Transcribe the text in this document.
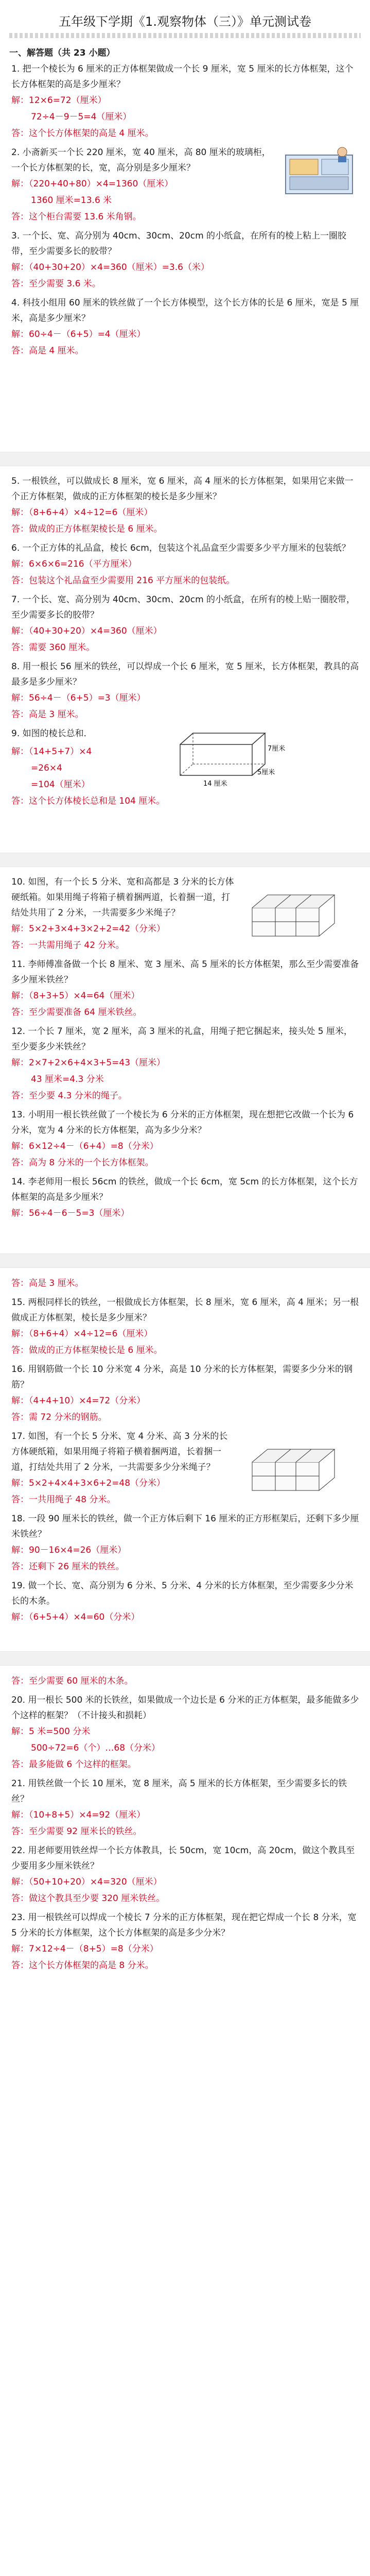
五年级下学期《1.观察物体（三）》单元测试卷
一、解答题（共 23 小题）
1. 把一个棱长为 6 厘米的正方体框架做成一个长 9 厘米，宽 5 厘米的长方体框架，这个长方体框架的高是多少厘米？
解：12×6=72（厘米）
72÷4－9－5=4（厘米）
答：这个长方体框架的高是 4 厘米。
2. 小斋新买一个长 220 厘米，宽 40 厘米，高 80 厘米的玻璃柜，一个长方体框架的长，宽，高分别是多少厘米？
解：（220+40+80）×4=1360（厘米）
1360 厘米=13.6 米
答：这个柜台需要 13.6 米角钢。
3. 一个长、宽、高分别为 40cm、30cm、20cm 的小纸盒，在所有的棱上粘上一圈胶带，至少需要多长的胶带？
解：（40+30+20）×4=360（厘米）=3.6（米）
答：至少需要 3.6 米。
4. 科技小组用 60 厘米的铁丝做了一个长方体模型，这个长方体的长是 6 厘米，宽是 5 厘米，高是多少厘米？
解：60÷4－（6+5）=4（厘米）
答：高是 4 厘米。
5. 一根铁丝，可以做成长 8 厘米，宽 6 厘米，高 4 厘米的长方体框架，如果用它来做一个正方体框架，做成的正方体框架的棱长是多少厘米？
解：（8+6+4）×4÷12=6（厘米）
答：做成的正方体框架棱长是 6 厘米。
6. 一个正方体的礼品盒，棱长 6cm，包装这个礼品盒至少需要多少平方厘米的包装纸？
解：6×6×6=216（平方厘米）
答：包装这个礼品盒至少需要用 216 平方厘米的包装纸。
7. 一个长、宽、高分别为 40cm、30cm、20cm 的小纸盒，在所有的棱上贴一圈胶带，至少需要多长的胶带？
解：（40+30+20）×4=360（厘米）
答：需要 360 厘米。
8. 用一根长 56 厘米的铁丝，可以焊成一个长 6 厘米，宽 5 厘米，长方体框架，教具的高最多是多少厘米？
解：56÷4－（6+5）=3（厘米）
答：高是 3 厘米。
9. 如图的棱长总和．
7厘米
5厘米
14 厘米
解：（14+5+7）×4
=26×4
=104（厘米）
答：这个长方体棱长总和是 104 厘米。
10. 如图，有一个长 5 分米、宽和高都是 3 分米的长方体硬纸箱。如果用绳子将箱子横着捆两道，长着捆一道，打结处共用了 2 分米，一共需要多少米绳子？
解：5×2+3×4+3×2+2=42（分米）
答：一共需用绳子 42 分米。
11. 李师傅准备做一个长 8 厘米、宽 3 厘米、高 5 厘米的长方体框架，那么至少需要准备多少厘米铁丝？
解：（8+3+5）×4=64（厘米）
答：至少需要准备 64 厘米铁丝。
12. 一个长 7 厘米，宽 2 厘米，高 3 厘米的礼盒，用绳子把它捆起来，接头处 5 厘米，至少要多少米铁丝？
解：2×7+2×6+4×3+5=43（厘米）
43 厘米=4.3 分米
答：至少要 4.3 分米的绳子。
13. 小明用一根长铁丝做了一个棱长为 6 分米的正方体框架，现在想把它改做一个长为 6 分米，宽为 4 分米的长方体框架，高为多少分米？
解：6×12÷4－（6+4）=8（分米）
答：高为 8 分米的一个长方体框架。
14. 李老师用一根长 56cm 的铁丝，做成一个长 6cm，宽 5cm 的长方体框架，这个长方体框架的高是多少厘米？
解：56÷4－6－5=3（厘米）
答：高是 3 厘米。
15. 两根同样长的铁丝，一根做成长方体框架，长 8 厘米，宽 6 厘米，高 4 厘米；另一根做成正方体框架，棱长是多少厘米？
解：（8+6+4）×4÷12=6（厘米）
答：做成的正方体框架棱长是 6 厘米。
16. 用钢筋做一个长 10 分米宽 4 分米，高是 10 分米的长方体框架，需要多少分米的钢筋？
解：（4+4+10）×4=72（分米）
答：需 72 分米的钢筋。
17. 如图，有一个长 5 分米、宽 4 分米、高 3 分米的长方体硬纸箱，如果用绳子将箱子横着捆两道，长着捆一道，打结处共用了 2 分米，一共需要多少分米绳子？
解：5×2+4×4+3×6+2=48（分米）
答：一共用绳子 48 分米。
18. 一段 90 厘米长的铁丝，做一个正方体后剩下 16 厘米的正方形框架后，还剩下多少厘米铁丝？
解：90－16×4=26（厘米）
答：还剩下 26 厘米的铁丝。
19. 做一个长、宽、高分别为 6 分米、5 分米、4 分米的长方体框架，至少需要多少分米长的木条。
解：（6+5+4）×4=60（分米）
答：至少需要 60 厘米的木条。
20. 用一根长 500 米的长铁丝，如果做成一个边长是 6 分米的正方体框架，最多能做多少个这样的框架？（不计接头和损耗）
解：5 米=500 分米
500÷72=6（个）…68（分米）
答：最多能做 6 个这样的框架。
21. 用铁丝做一个长 10 厘米，宽 8 厘米，高 5 厘米的长方体框架，至少需要多长的铁丝？
解：（10+8+5）×4=92（厘米）
答：至少需要 92 厘米长的铁丝。
22. 用老师要用铁丝焊一个长方体教具，长 50cm，宽 10cm，高 20cm，做这个教具至少要用多少厘米铁丝？
解：（50+10+20）×4=320（厘米）
答：做这个教具至少要 320 厘米铁丝。
23. 用一根铁丝可以焊成一个棱长 7 分米的正方体框架，现在把它焊成一个长 8 分米，宽 5 分米的长方体框架，这个长方体框架的高是多少分米？
解：7×12÷4－（8+5）=8（分米）
答：这个长方体框架的高是 8 分米。
